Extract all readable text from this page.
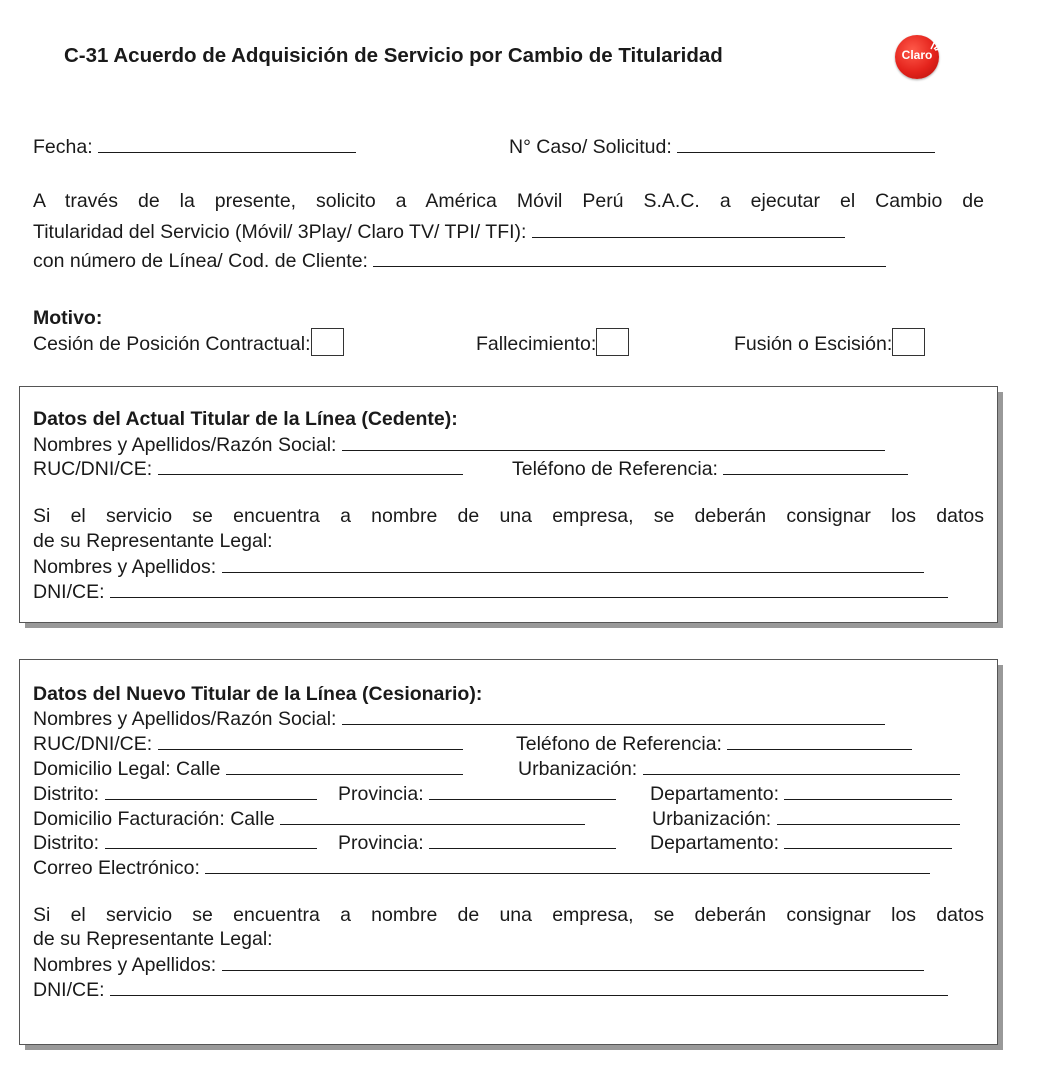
C-31 Acuerdo de Adquisición de Servicio por Cambio de Titularidad	Claro
Fecha:	N° Caso/ Solicitud:
A través de la presente, solicito a América Móvil Perú S.A.C. a ejecutar el Cambio de
Titularidad del Servicio (Móvil/ 3Play/ Claro TV/ TPI/ TFI):
con número de Línea/ Cod. de Cliente:
Motivo:
Cesión de Posición Contractual:	Fallecimiento:	Fusión o Escisión:
Datos del Actual Titular de la Línea (Cedente):
Nombres y Apellidos/Razón Social:
RUC/DNI/CE:	Teléfono de Referencia:
Si el servicio se encuentra a nombre de una empresa, se deberán consignar los datos
de su Representante Legal:
Nombres y Apellidos:
DNI/CE:
Datos del Nuevo Titular de la Línea (Cesionario):
Nombres y Apellidos/Razón Social:
RUC/DNI/CE:	Teléfono de Referencia:
Domicilio Legal: Calle	Urbanización:
Distrito:	Provincia:	Departamento:
Domicilio Facturación: Calle	Urbanización:
Distrito:	Provincia:	Departamento:
Correo Electrónico:
Si el servicio se encuentra a nombre de una empresa, se deberán consignar los datos
de su Representante Legal:
Nombres y Apellidos:
DNI/CE:
